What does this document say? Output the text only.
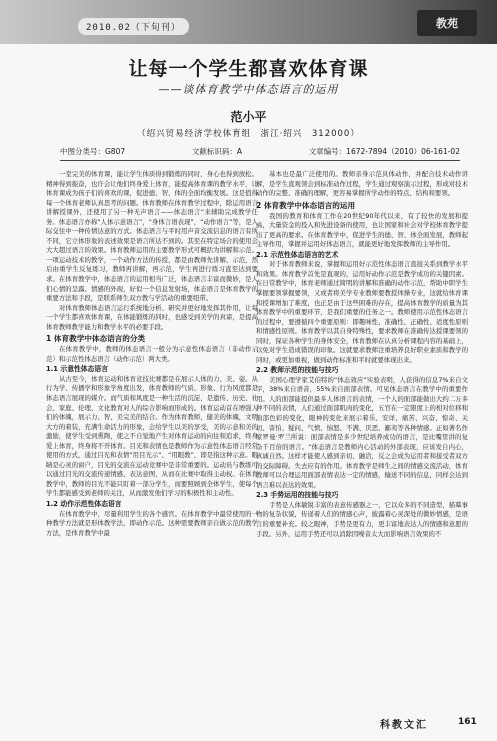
2010.02（下旬刊）	教苑
让每一个学生都喜欢体育课
——谈体育教学中体态语言的运用
范小平
（绍兴贸易经济学校体育组　浙江·绍兴　312000）
中图分类号：G807	文献标识码：A	文章编号：1672-7894（2010）06-161-02

一堂完美的体育课，能让学生体质得到锻炼的同时，身心也得到放松。精神得到振奋，也许会让他们终身爱上体育，能提高体育课的教学水平，让体育课成为孩子们的喜欢的课，促进德、智、体的全面均衡发展。这是值得每一个体育老师认真思考的问题。体育教师在体育教学过程中，除运用语言讲解授课外，还使用了另一种无声语言——体态语言“来辅助完成教学任务。体态语言亦称“人体示意语言”，“身体言语表现”，“动作语言”等，是人际交往中一种传情达意的方式。体态语言与平时用声音交流信息的语言有所不同，它立体形象的表述效果是语言所达不到的。其至在特定场合的使用会大大超过语言的效果。体育教师运用的主要教学形式可概括为讲解和示范。一项运动技术的教学，一个动作方法的传授，都是由教师先讲解、示范，然后由重学生反复练习，教师再讲解，再示范，学生再进行练习直至达到要求。在体育教学中，体态语言的运用相当广泛，体态语言丰富而微妙，是人们心情的呈露、情感的外现，好似一个信息发射场，体态语言是体育教学的重要方法和手段，是联系师生双方教与学活动的重要纽带。

对体育教师体态语言运行系统地分析、研究并更好地发挥其作用，让每一个学生都喜欢体育课，在体能锻炼的同时，也感受到美学的真谛，是提高体育教师教学能力和教学水平的必要手段。

1 体育教学中体态语言的分类

在体育教学中，教师的体态语言一般分为示意性体态语言（非动作示范）和示范性体态语言（动作示范）两大类。

1.1 示意性体态语言

从古至今，体育运动和体育竞技比赛都是在展示人体的力、美、姿。从行为学、传播学和形象学角度出发，体育教师的气质、形象、行为风度都是体态语言展现的媒介。而气质和风度是一种生活的沉淀，是遗传、历史、社会、家庭、伦理、文化教育对人的综合影响而形成的。体育运动首在增强人们的体魄，展示力、智、美完美的结合。作为体育教师，健美的体魄，文明大方的着装，充满生命活力的形象，会给学生以美的享受，美的示意和美的激励，使学生受到熏陶，使之不自觉地产生对体育运动的向往和追求，终身爱上体育，终身将不开体育。目光和表情也是教师作为示意性体态语言经常使用的方式，通过目光和表情“用目光示”、“用眼教”，即是指这种示意。眼睛是心灵的窗户，目光的交流在运动竞赛中是非常重要的。运动员与教练可以通过目光的交流传递情感、表达意图，从而在比赛中取得主动权。在体育教学中，教师的目光不能只盯着一部分学生，而要照顾到全体学生，使每个学生都能感受到老师的关注，从而激发他们学习的积极性和主动性。

1.2 动作示范性体态语言

在体育教学中，尽量利用学生的各个感官。在体育教学中最常使用的一种教学方法就是形体教学法，即动作示范。这种需要教师亲自做示范的教学方法，是体育教学中最

基本也是最广泛使用的。教师亲身示范具体动作，并配合技术动作讲解，是学生直观领会到标准动作过程，学生通过观察演示过程，形成对技术动作的完整、准确的理解，更容易掌握所学动作的特点、结构和要领。

2 体育教学中体态语言的运用

我国的教育和体育工作在20世纪90年代以来，有了较快的发展和提高，大量资金的投入和先进设备的使用，也让国家和社会对学校体育教学提出了更高的要求。在体育教学中，促进学生的德、智、体全面发展，教师起主导作用，掌握并运用好体态语言，就能更好地发挥教师的主导作用。

2.1 示范性体态语言的艺术

对于体育教师来说，掌握和运用好示范性体态语言直接关系到教学水平和效果。体育教学首先是直观的，运用好动作示范是教学成功的关键因素。在日常教学中，体育老师通过简明的讲解和准确的动作示范，帮助中职学生掌握要领掌握要领，又或者将美学专业教师要教授体操专业，这就给体育课和授课增加了难度，也正是由于这些困难的存在，提高体育教学的质量为其体育教学中的重要环节，是我们重要的任务之一。教师使用示范性体态语言的过程中，要遵循四个重要原则：即趣味性、准确性、正确性、适度性原则和情感性原则。体育教学以其自身特殊性，要求教师在准确传达授课要领的同时，保证各种学生的身体安全，体育教师在认真分析课程内容的基础上，以免对学生造成错误的印象。这就要求教师注重培养良好职业素质和教学的同时，或更加重视，做到动作标准和平时就要体现出来。

2.2 教师示范的技能与技巧

美国心理学家艾伯特的“体态效应”实验表明，人获得的信息7%来自文字，38%来自语音，55%来自面部表情。可见体态语言在教学中的重要作用。人的面部能提供最多人体语言的表情，一个人的面部能做出大约二万多种不同的表情，人们通过面部肌肉的变化，五官在一定限度上的相对位移和面部色彩的变化，眼神的变化来展示着乐、安详、痛苦、兴奋、惊奇、关切、害怕、疑问、气愤、恼怒、不满、厌恶、鄙夷等各种情感。正如著名作家罗曼·罗兰所说：面部表情是多少世纪培养成功的语言，是比嘴里讲的复杂千百倍的语言。“体态语言是教师内心活动的外部表现，应该发自内心，真诚自然。这样才能使人感到亲切、融洽，反之会成为运用者和接受者双方的交际障碍。失去应有的作用。体育教学是师生之间的情感交流活动，体育教师可以合理运用面部表情表达一定的情感，输送不同的信息，同样会达到语言难以表达的效果。

2.3 手势运用的技能与技巧

手势是人体敏锐丰富的表意传感器之一，它以众多的不同造型，描摹事物的复杂状貌，传递着人们的情感心声，披露着心灵深处的微妙情感，是语言的重要补充。较之眼神，手势是更有力，更丰富地表达人的情感和意愿的手段。另外，运用手势还可以消除因噪音太大而影响语言效果的不

科教文汇	161
